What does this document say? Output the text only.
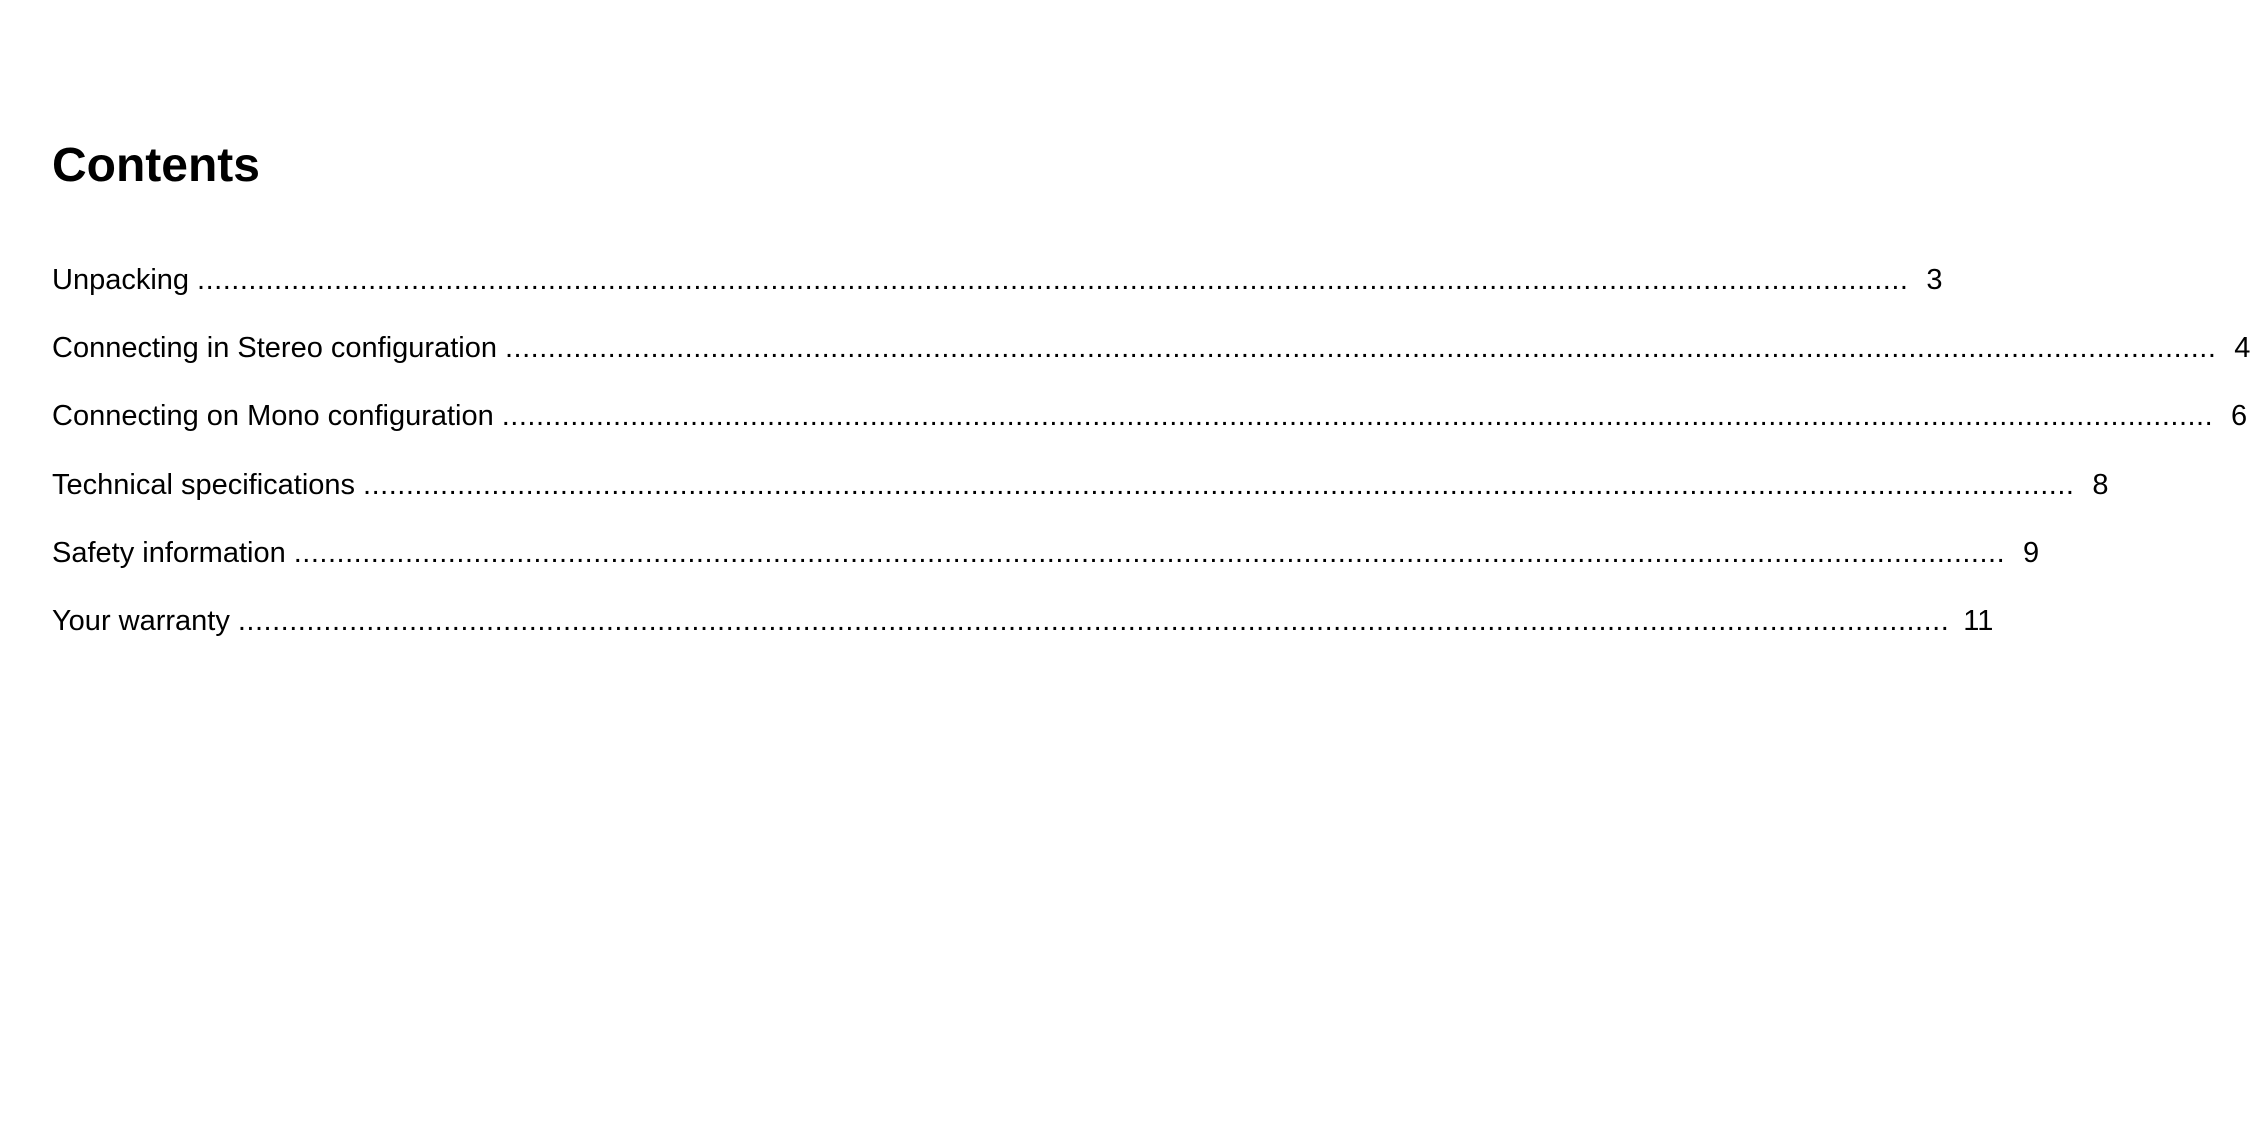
Contents
Unpacking ........................................................................................................................................................................................................ 3
Connecting in Stereo configuration ........................................................................................................................................................................................................ 4
Connecting on Mono configuration ........................................................................................................................................................................................................ 6
Technical specifications ........................................................................................................................................................................................................ 8
Safety information ........................................................................................................................................................................................................ 9
Your warranty ........................................................................................................................................................................................................ 11
